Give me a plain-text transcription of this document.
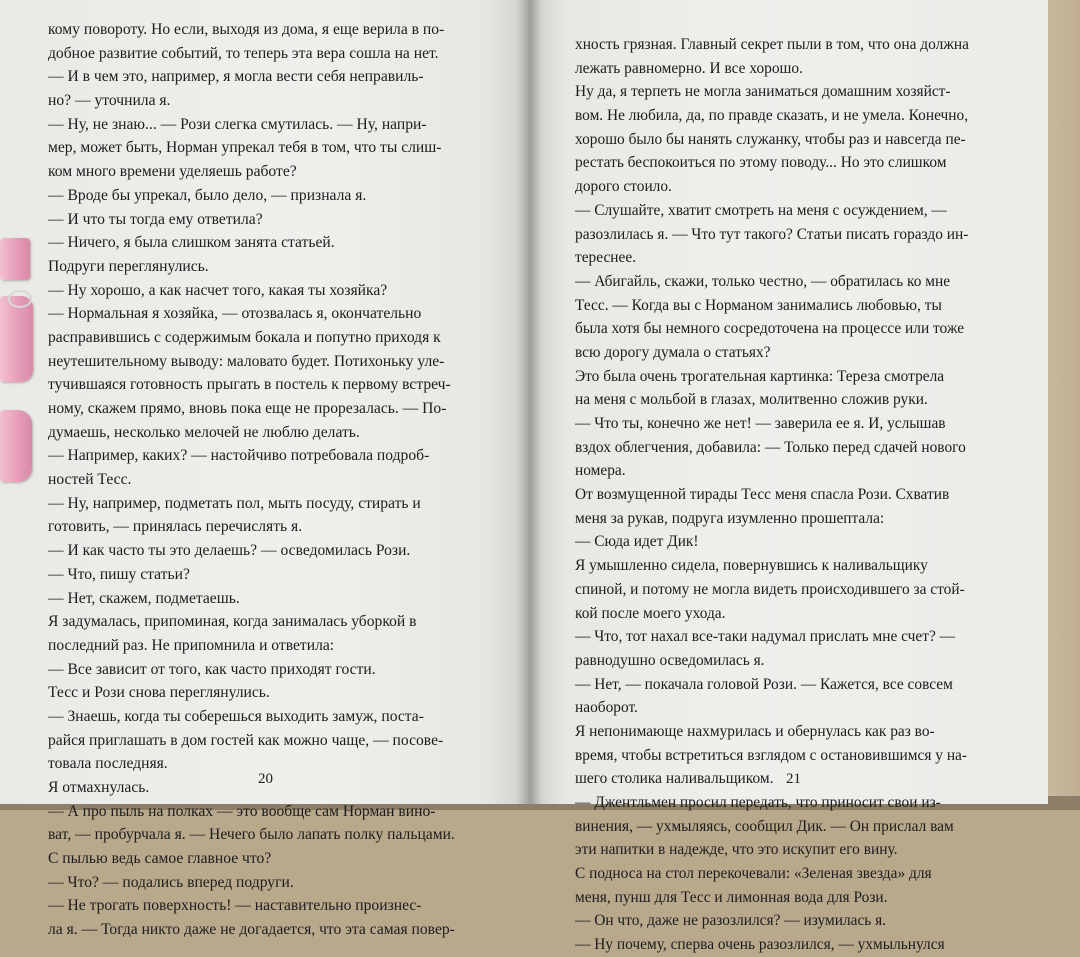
кому повороту. Но если, выходя из дома, я еще верила в по-

добное развитие событий, то теперь эта вера сошла на нет.

— И в чем это, например, я могла вести себя неправиль-

но? — уточнила я.

— Ну, не знаю... — Рози слегка смутилась. — Ну, напри-

мер, может быть, Норман упрекал тебя в том, что ты слиш-

ком много времени уделяешь работе?

— Вроде бы упрекал, было дело, — признала я.

— И что ты тогда ему ответила?

— Ничего, я была слишком занята статьей.

Подруги переглянулись.

— Ну хорошо, а как насчет того, какая ты хозяйка?

— Нормальная я хозяйка, — отозвалась я, окончательно

расправившись с содержимым бокала и попутно приходя к

неутешительному выводу: маловато будет. Потихоньку уле-

тучившаяся готовность прыгать в постель к первому встреч-

ному, скажем прямо, вновь пока еще не прорезалась. — По-

думаешь, несколько мелочей не люблю делать.

— Например, каких? — настойчиво потребовала подроб-

ностей Тесс.

— Ну, например, подметать пол, мыть посуду, стирать и

готовить, — принялась перечислять я.

— И как часто ты это делаешь? — осведомилась Рози.

— Что, пишу статьи?

— Нет, скажем, подметаешь.

Я задумалась, припоминая, когда занималась уборкой в

последний раз. Не припомнила и ответила:

— Все зависит от того, как часто приходят гости.

Тесс и Рози снова переглянулись.

— Знаешь, когда ты соберешься выходить замуж, поста-

райся приглашать в дом гостей как можно чаще, — посове-

товала последняя.

Я отмахнулась.

— А про пыль на полках — это вообще сам Норман вино-

ват, — пробурчала я. — Нечего было лапать полку пальцами.

С пылью ведь самое главное что?

— Что? — подались вперед подруги.

— Не трогать поверхность! — наставительно произнес-

ла я. — Тогда никто даже не догадается, что эта самая повер-

20

хность грязная. Главный секрет пыли в том, что она должна

лежать равномерно. И все хорошо.

Ну да, я терпеть не могла заниматься домашним хозяйст-

вом. Не любила, да, по правде сказать, и не умела. Конечно,

хорошо было бы нанять служанку, чтобы раз и навсегда пе-

рестать беспокоиться по этому поводу... Но это слишком

дорого стоило.

— Слушайте, хватит смотреть на меня с осуждением, —

разозлилась я. — Что тут такого? Статьи писать гораздо ин-

тереснее.

— Абигайль, скажи, только честно, — обратилась ко мне

Тесс. — Когда вы с Норманом занимались любовью, ты

была хотя бы немного сосредоточена на процессе или тоже

всю дорогу думала о статьях?

Это была очень трогательная картинка: Тереза смотрела

на меня с мольбой в глазах, молитвенно сложив руки.

— Что ты, конечно же нет! — заверила ее я. И, услышав

вздох облегчения, добавила: — Только перед сдачей нового

номера.

От возмущенной тирады Тесс меня спасла Рози. Схватив

меня за рукав, подруга изумленно прошептала:

— Сюда идет Дик!

Я умышленно сидела, повернувшись к наливальщику

спиной, и потому не могла видеть происходившего за стой-

кой после моего ухода.

— Что, тот нахал все-таки надумал прислать мне счет? —

равнодушно осведомилась я.

— Нет, — покачала головой Рози. — Кажется, все совсем

наоборот.

Я непонимающе нахмурилась и обернулась как раз во-

время, чтобы встретиться взглядом с остановившимся у на-

шего столика наливальщиком.

— Джентльмен просил передать, что приносит свои из-

винения, — ухмыляясь, сообщил Дик. — Он прислал вам

эти напитки в надежде, что это искупит его вину.

С подноса на стол перекочевали: «Зеленая звезда» для

меня, пунш для Тесс и лимонная вода для Рози.

— Он что, даже не разозлился? — изумилась я.

— Ну почему, сперва очень разозлился, — ухмыльнулся

21
